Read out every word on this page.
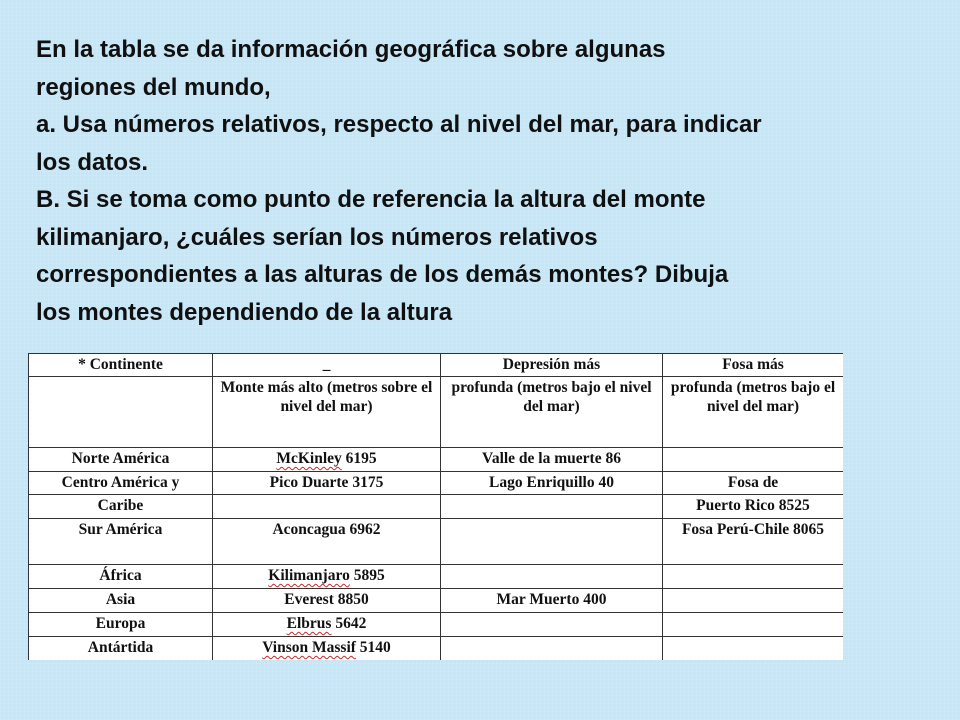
En la tabla se da información geográfica sobre algunas
regiones del mundo,
a. Usa números relativos, respecto al nivel del mar, para indicar
los datos.
B. Si se toma como punto de referencia la altura del monte
kilimanjaro, ¿cuáles serían los números relativos
correspondientes a las alturas de los demás montes? Dibuja
los montes dependiendo de la altura
* Continente	_	Depresión más	Fosa más
	Monte más alto (metros sobre el nivel del mar)	profunda (metros bajo el nivel del mar)	profunda (metros bajo el nivel del mar)
Norte América	McKinley 6195	Valle de la muerte 86	
Centro América y	Pico Duarte 3175	Lago Enriquillo 40	Fosa de
Caribe			Puerto Rico 8525
Sur América	Aconcagua 6962		Fosa Perú-Chile 8065
África	Kilimanjaro 5895		
Asia	Everest 8850	Mar Muerto 400	
Europa	Elbrus 5642		
Antártida	Vinson Massif 5140		
